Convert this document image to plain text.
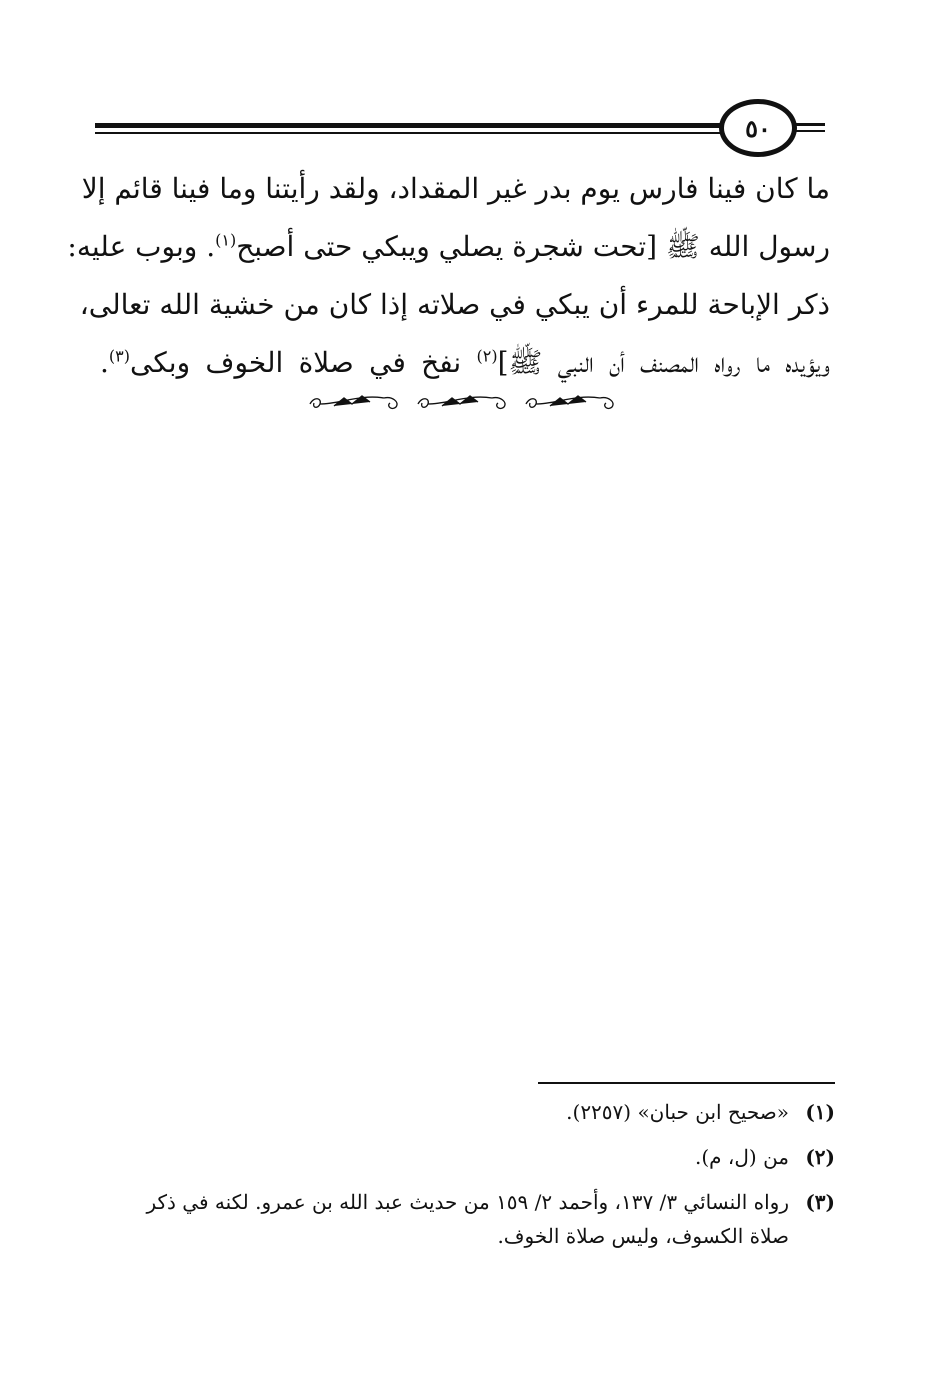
٥٠
ما كان فينا فارس يوم بدر غير المقداد، ولقد رأيتنا وما فينا قائم إلا
رسول الله ﷺ [تحت شجرة يصلي ويبكي حتى أصبح$^{(١)}$. وبوب عليه:
ذكر الإباحة للمرء أن يبكي في صلاته إذا كان من خشية الله تعالى،
ويؤيده ما رواه المصنف أن النبي ﷺ]$^{(٢)}$ نفخ في صلاة الخوف وبكى$^{(٣)}$.
(١)
«صحيح ابن حبان» (٢٢٥٧).
(٢)
من (ل، م).
(٣)
رواه النسائي ٣/ ١٣٧، وأحمد ٢/ ١٥٩ من حديث عبد الله بن عمرو. لكنه في ذكر صلاة الكسوف، وليس صلاة الخوف.
